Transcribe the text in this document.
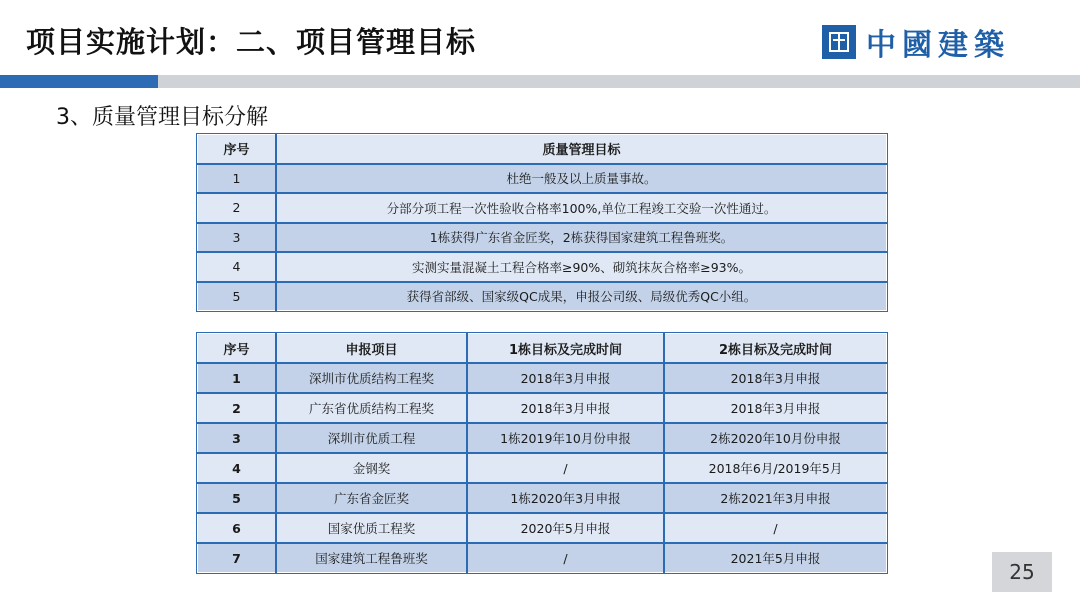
项目实施计划：二、项目管理目标	中國建築
3、质量管理目标分解
序号	质量管理目标
1	杜绝一般及以上质量事故。
2	分部分项工程一次性验收合格率100%,单位工程竣工交验一次性通过。
3	1栋获得广东省金匠奖，2栋获得国家建筑工程鲁班奖。
4	实测实量混凝土工程合格率≥90%、砌筑抹灰合格率≥93%。
5	获得省部级、国家级QC成果，申报公司级、局级优秀QC小组。
序号	申报项目	1栋目标及完成时间	2栋目标及完成时间
1	深圳市优质结构工程奖	2018年3月申报	2018年3月申报
2	广东省优质结构工程奖	2018年3月申报	2018年3月申报
3	深圳市优质工程	1栋2019年10月份申报	2栋2020年10月份申报
4	金钢奖	/	2018年6月/2019年5月
5	广东省金匠奖	1栋2020年3月申报	2栋2021年3月申报
6	国家优质工程奖	2020年5月申报	/
7	国家建筑工程鲁班奖	/	2021年5月申报
25
